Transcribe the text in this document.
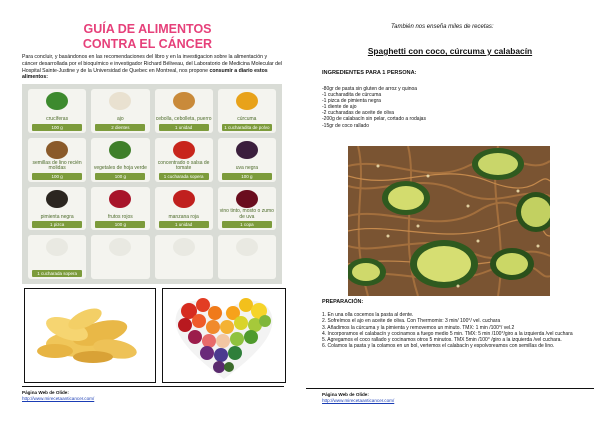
GUÍA DE ALIMENTOS
CONTRA EL CÁNCER
Para concluir, y basándonos en las recomendaciones del libro y en la investigacion sobre la alimentación y cáncer desarrollada por el bioquímico e investigador Richard Béliveau, del Laboratorio de Medicina Molecular del Hospital Sainte-Justine y de la Universidad de Quebec en Montreal, nos propone consumir a diario estos alimentos:
crucíferas
100 g
ajo
2 dientes
cebolla, cebolleta, puerro
1 unidad
cúrcuma
1 cucharadita de polvo
semillas de lino recién molidas
100 g
vegetales de hoja verde
100 g
concentrado o salsa de tomate
1 cucharada sopera
uva negra
100 g
pimienta negra
1 pizca
frutos rojos
100 g
manzana roja
1 unidad
vino tinto, mosto o zumo de uva
1 copa
1 cucharada sopera
Página Web de Olide:
http://www.mirecetaanticancer.com/
También nos enseña miles de recetas:
Spaghetti con coco, cúrcuma y calabacín
INGREDIENTES PARA 1 PERSONA:
-80gr de pasta sin gluten de arroz y quinoa
-1 cucharadita de cúrcuma
-1 pizca de pimienta negra
-1 diente de ajo
-2 cucharadas de aceite de oliva
-200g de calabacín sin pelar, cortado a rodajas
-15gr de coco rallado
PREPARACIÓN:
1. En una olla cocemos la pasta al dente.
2. Sofreímos el ajo en aceite de oliva. Con Thermomix: 3 min/ 100°/ vel. cuchara
3. Añadimos la cúrcuma y la pimienta y removemos un minuto. TMX: 1 min /100°/ vel.2
4. Incorporamos el calabacín y cocinamos a fuego medio 5 min. TMX: 5 min /100°/giro a la izquierda /vel cuchara
5. Agregamos el coco rallado y cocinamos otros 5 minutos. TMX 5min /100° /giro a la izquierda /vel cuchara.
6. Colamos la pasta y la colamos en un bol, vertemos el calabacín y espolvoreamos con semillas de lino.
Página Web de Olide:
http://www.mirecetaanticancer.com/
